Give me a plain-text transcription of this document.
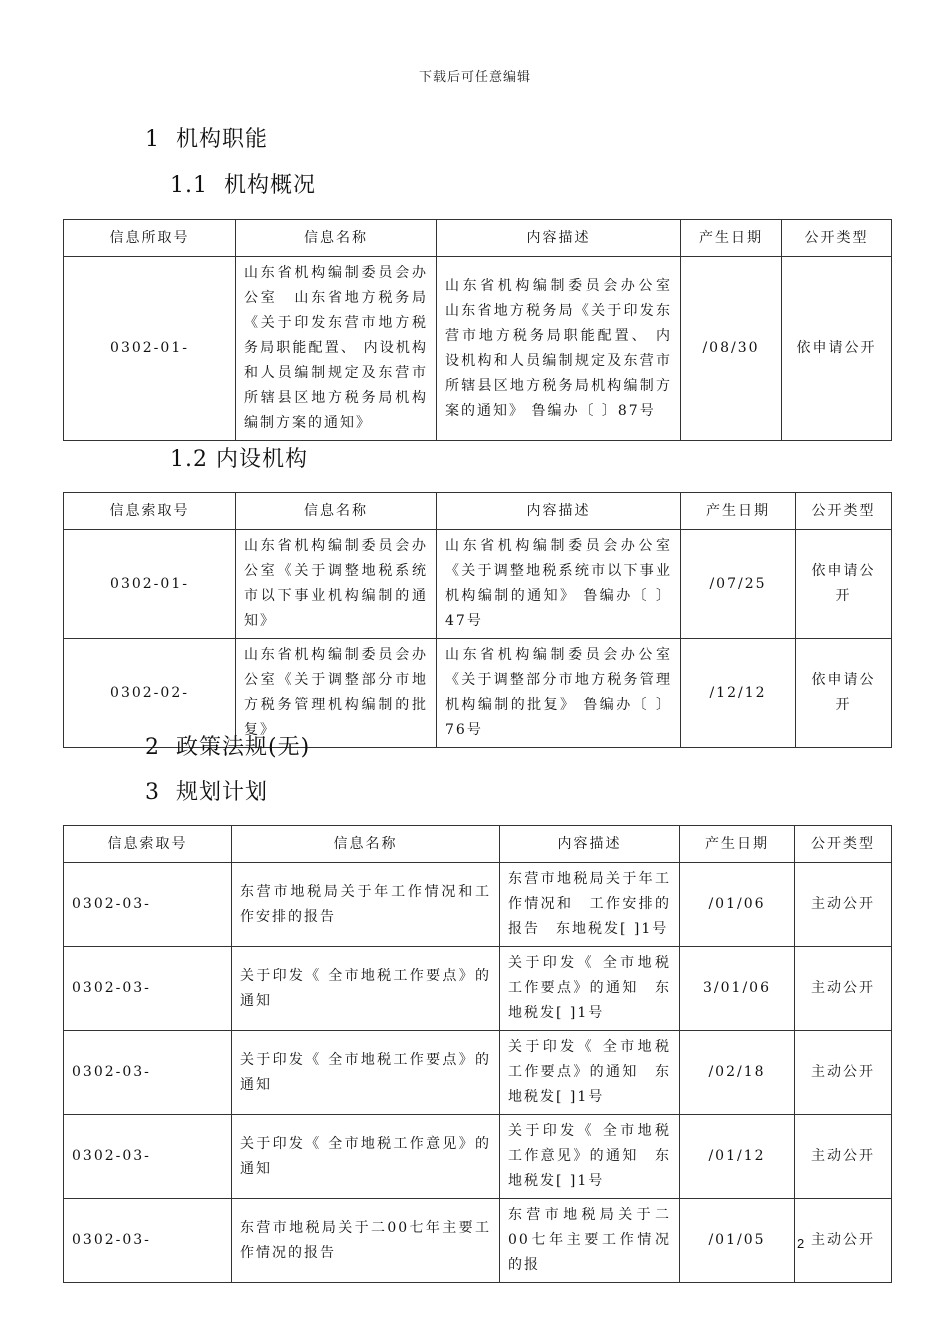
下载后可任意编辑
1 机构职能
1.1 机构概况
信息所取号	信息名称	内容描述	产生日期	公开类型
0302-01-	山东省机构编制委员会办公室　山东省地方税务局《关于印发东营市地方税务局职能配置、 内设机构和人员编制规定及东营市所辖县区地方税务局机构编制方案的通知》	山东省机构编制委员会办公室　山东省地方税务局《关于印发东营市地方税务局职能配置、 内设机构和人员编制规定及东营市所辖县区地方税务局机构编制方案的通知》 鲁编办〔 〕87号	/08/30	依申请公开
1.2 内设机构
信息索取号	信息名称	内容描述	产生日期	公开类型
0302-01-	山东省机构编制委员会办公室《关于调整地税系统市以下事业机构编制的通知》	山东省机构编制委员会办公室《关于调整地税系统市以下事业机构编制的通知》 鲁编办〔 〕47号	/07/25	依申请公开
0302-02-	山东省机构编制委员会办公室《关于调整部分市地方税务管理机构编制的批复》	山东省机构编制委员会办公室《关于调整部分市地方税务管理机构编制的批复》 鲁编办〔 〕76号	/12/12	依申请公开
2 政策法规(无)
3 规划计划
信息索取号	信息名称	内容描述	产生日期	公开类型
0302-03-	东营市地税局关于年工作情况和工作安排的报告	东营市地税局关于年工作情况和　工作安排的报告　东地税发[ ]1号	/01/06	主动公开
0302-03-	关于印发《 全市地税工作要点》的通知	关于印发《 全市地税工作要点》的通知　东地税发[ ]1号	3/01/06	主动公开
0302-03-	关于印发《 全市地税工作要点》的通知	关于印发《 全市地税工作要点》的通知　东地税发[ ]1号	/02/18	主动公开
0302-03-	关于印发《 全市地税工作意见》的通知	关于印发《 全市地税工作意见》的通知　东地税发[ ]1号	/01/12	主动公开
0302-03-	东营市地税局关于二00七年主要工作情况的报告	东营市地税局关于二00七年主要工作情况的报	/01/05	主动公开
2
